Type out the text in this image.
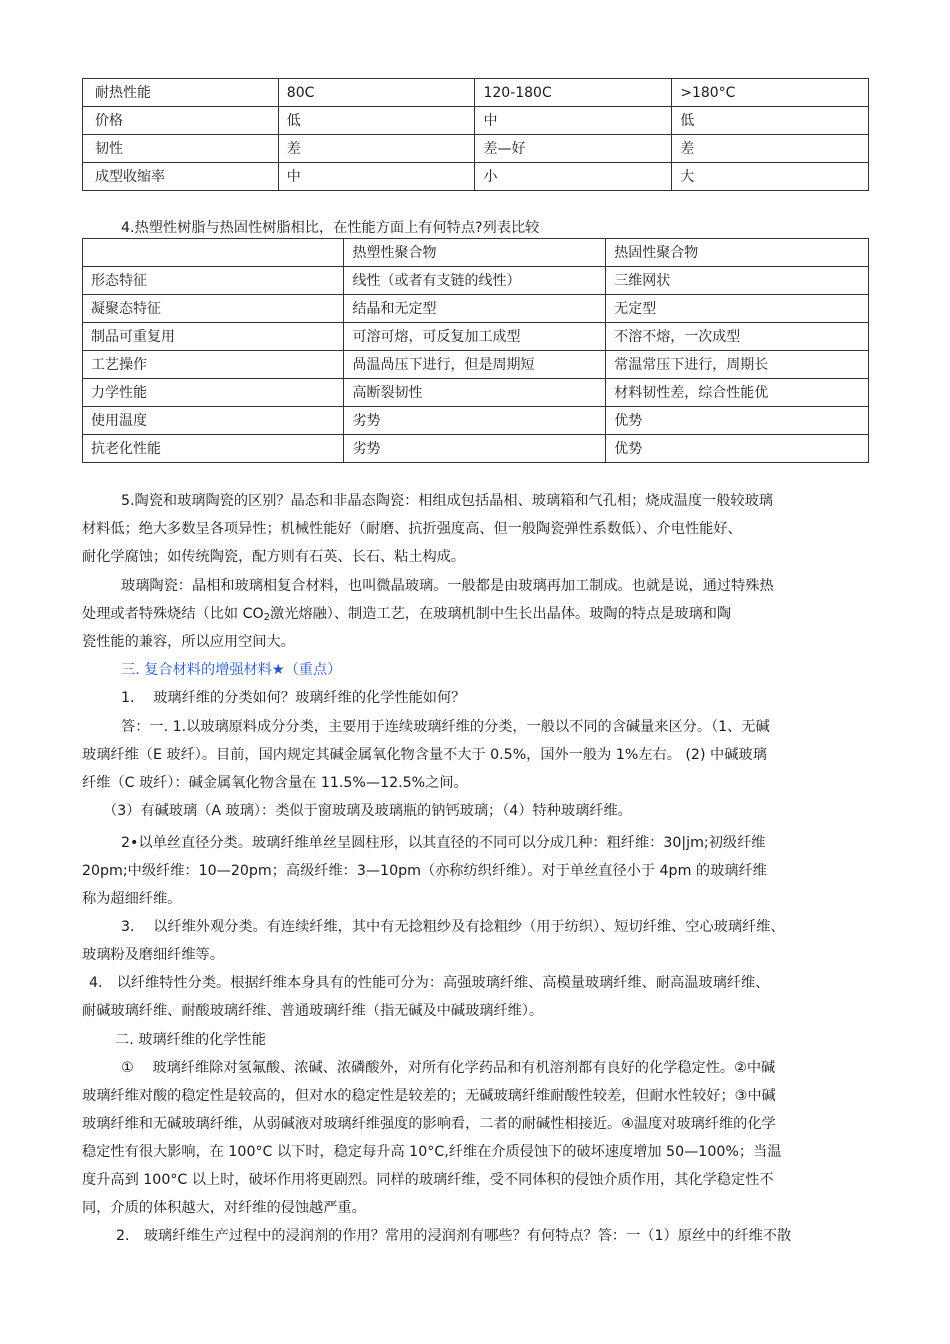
耐热性能	80C	120-180C	>180°C
价格	低	中	低
韧性	差	差—好	差
成型收缩率	中	小	大
4.热塑性树脂与热固性树脂相比，在性能方面上有何特点?列表比较
	热塑性聚合物	热固性聚合物
形态特征	线性（或者有支链的线性）	三维网状
凝聚态特征	结晶和无定型	无定型
制品可重复用	可溶可熔，可反复加工成型	不溶不熔，一次成型
工艺操作	咼温咼压下进行，但是周期短	常温常压下进行，周期长
力学性能	高断裂韧性	材料韧性差，综合性能优
使用温度	劣势	优势
抗老化性能	劣势	优势
5.陶瓷和玻璃陶瓷的区别？晶态和非晶态陶瓷：相组成包括晶相、玻璃箱和气孔相；烧成温度一般较玻璃
材料低；绝大多数呈各项异性；机械性能好（耐磨、抗折强度高、但一般陶瓷弹性系数低）、介电性能好、
耐化学腐蚀；如传统陶瓷，配方则有石英、长石、粘土构成。
玻璃陶瓷：晶相和玻璃相复合材料，也叫微晶玻璃。一般都是由玻璃再加工制成。也就是说，通过特殊热
处理或者特殊烧结（比如 $CO_2$激光熔融）、制造工艺，在玻璃机制中生长出晶体。玻陶的特点是玻璃和陶
瓷性能的兼容，所以应用空间大。
三. 复合材料的增强材料★（重点）
1.　 玻璃纤维的分类如何？玻璃纤维的化学性能如何？
答：一. 1.以玻璃原料成分分类，主要用于连续玻璃纤维的分类，一般以不同的含碱量来区分。（1、无碱
玻璃纤维（E 玻纤）。目前，国内规定其碱金属氧化物含量不大于 0.5%，国外一般为 1%左右。 (2) 中碱玻璃
纤维（C 玻纤）：碱金属氧化物含量在 11.5%—12.5%之间。
（3）有碱玻璃（A 玻璃）：类似于窗玻璃及玻璃瓶的钠钙玻璃；（4）特种玻璃纤维。
2•以单丝直径分类。玻璃纤维单丝呈圆柱形，以其直径的不同可以分成几种：粗纤维：30|jm;初级纤维
20pm;中级纤维：10—20pm；高级纤维：3—10pm（亦称纺织纤维）。对于单丝直径小于 4pm 的玻璃纤维
称为超细纤维。
3.　 以纤维外观分类。有连续纤维，其中有无捻粗纱及有捻粗纱（用于纺织）、短切纤维、空心玻璃纤维、
玻璃粉及磨细纤维等。
4.　以纤维特性分类。根据纤维本身具有的性能可分为：高强玻璃纤维、高模量玻璃纤维、耐高温玻璃纤维、
耐碱玻璃纤维、耐酸玻璃纤维、普通玻璃纤维（指无碱及中碱玻璃纤维）。
二. 玻璃纤维的化学性能
①　 玻璃纤维除对氢氟酸、浓碱、浓磷酸外，对所有化学药品和有机溶剂都有良好的化学稳定性。②中碱
玻璃纤维对酸的稳定性是较高的，但对水的稳定性是较差的；无碱玻璃纤维耐酸性较差，但耐水性较好；③中碱
玻璃纤维和无碱玻璃纤维，从弱碱液对玻璃纤维强度的影响看，二者的耐碱性相接近。④温度对玻璃纤维的化学
稳定性有很大影响，在 100°C 以下时，稳定每升高 10°C,纤维在介质侵蚀下的破坏速度增加 50—100%；当温
度升高到 100°C 以上时，破坏作用将更剧烈。同样的玻璃纤维，受不同体积的侵蚀介质作用，其化学稳定性不
同，介质的体积越大，对纤维的侵蚀越严重。
2.　玻璃纤维生产过程中的浸润剂的作用？常用的浸润剂有哪些？有何特点？答：一（1）原丝中的纤维不散
